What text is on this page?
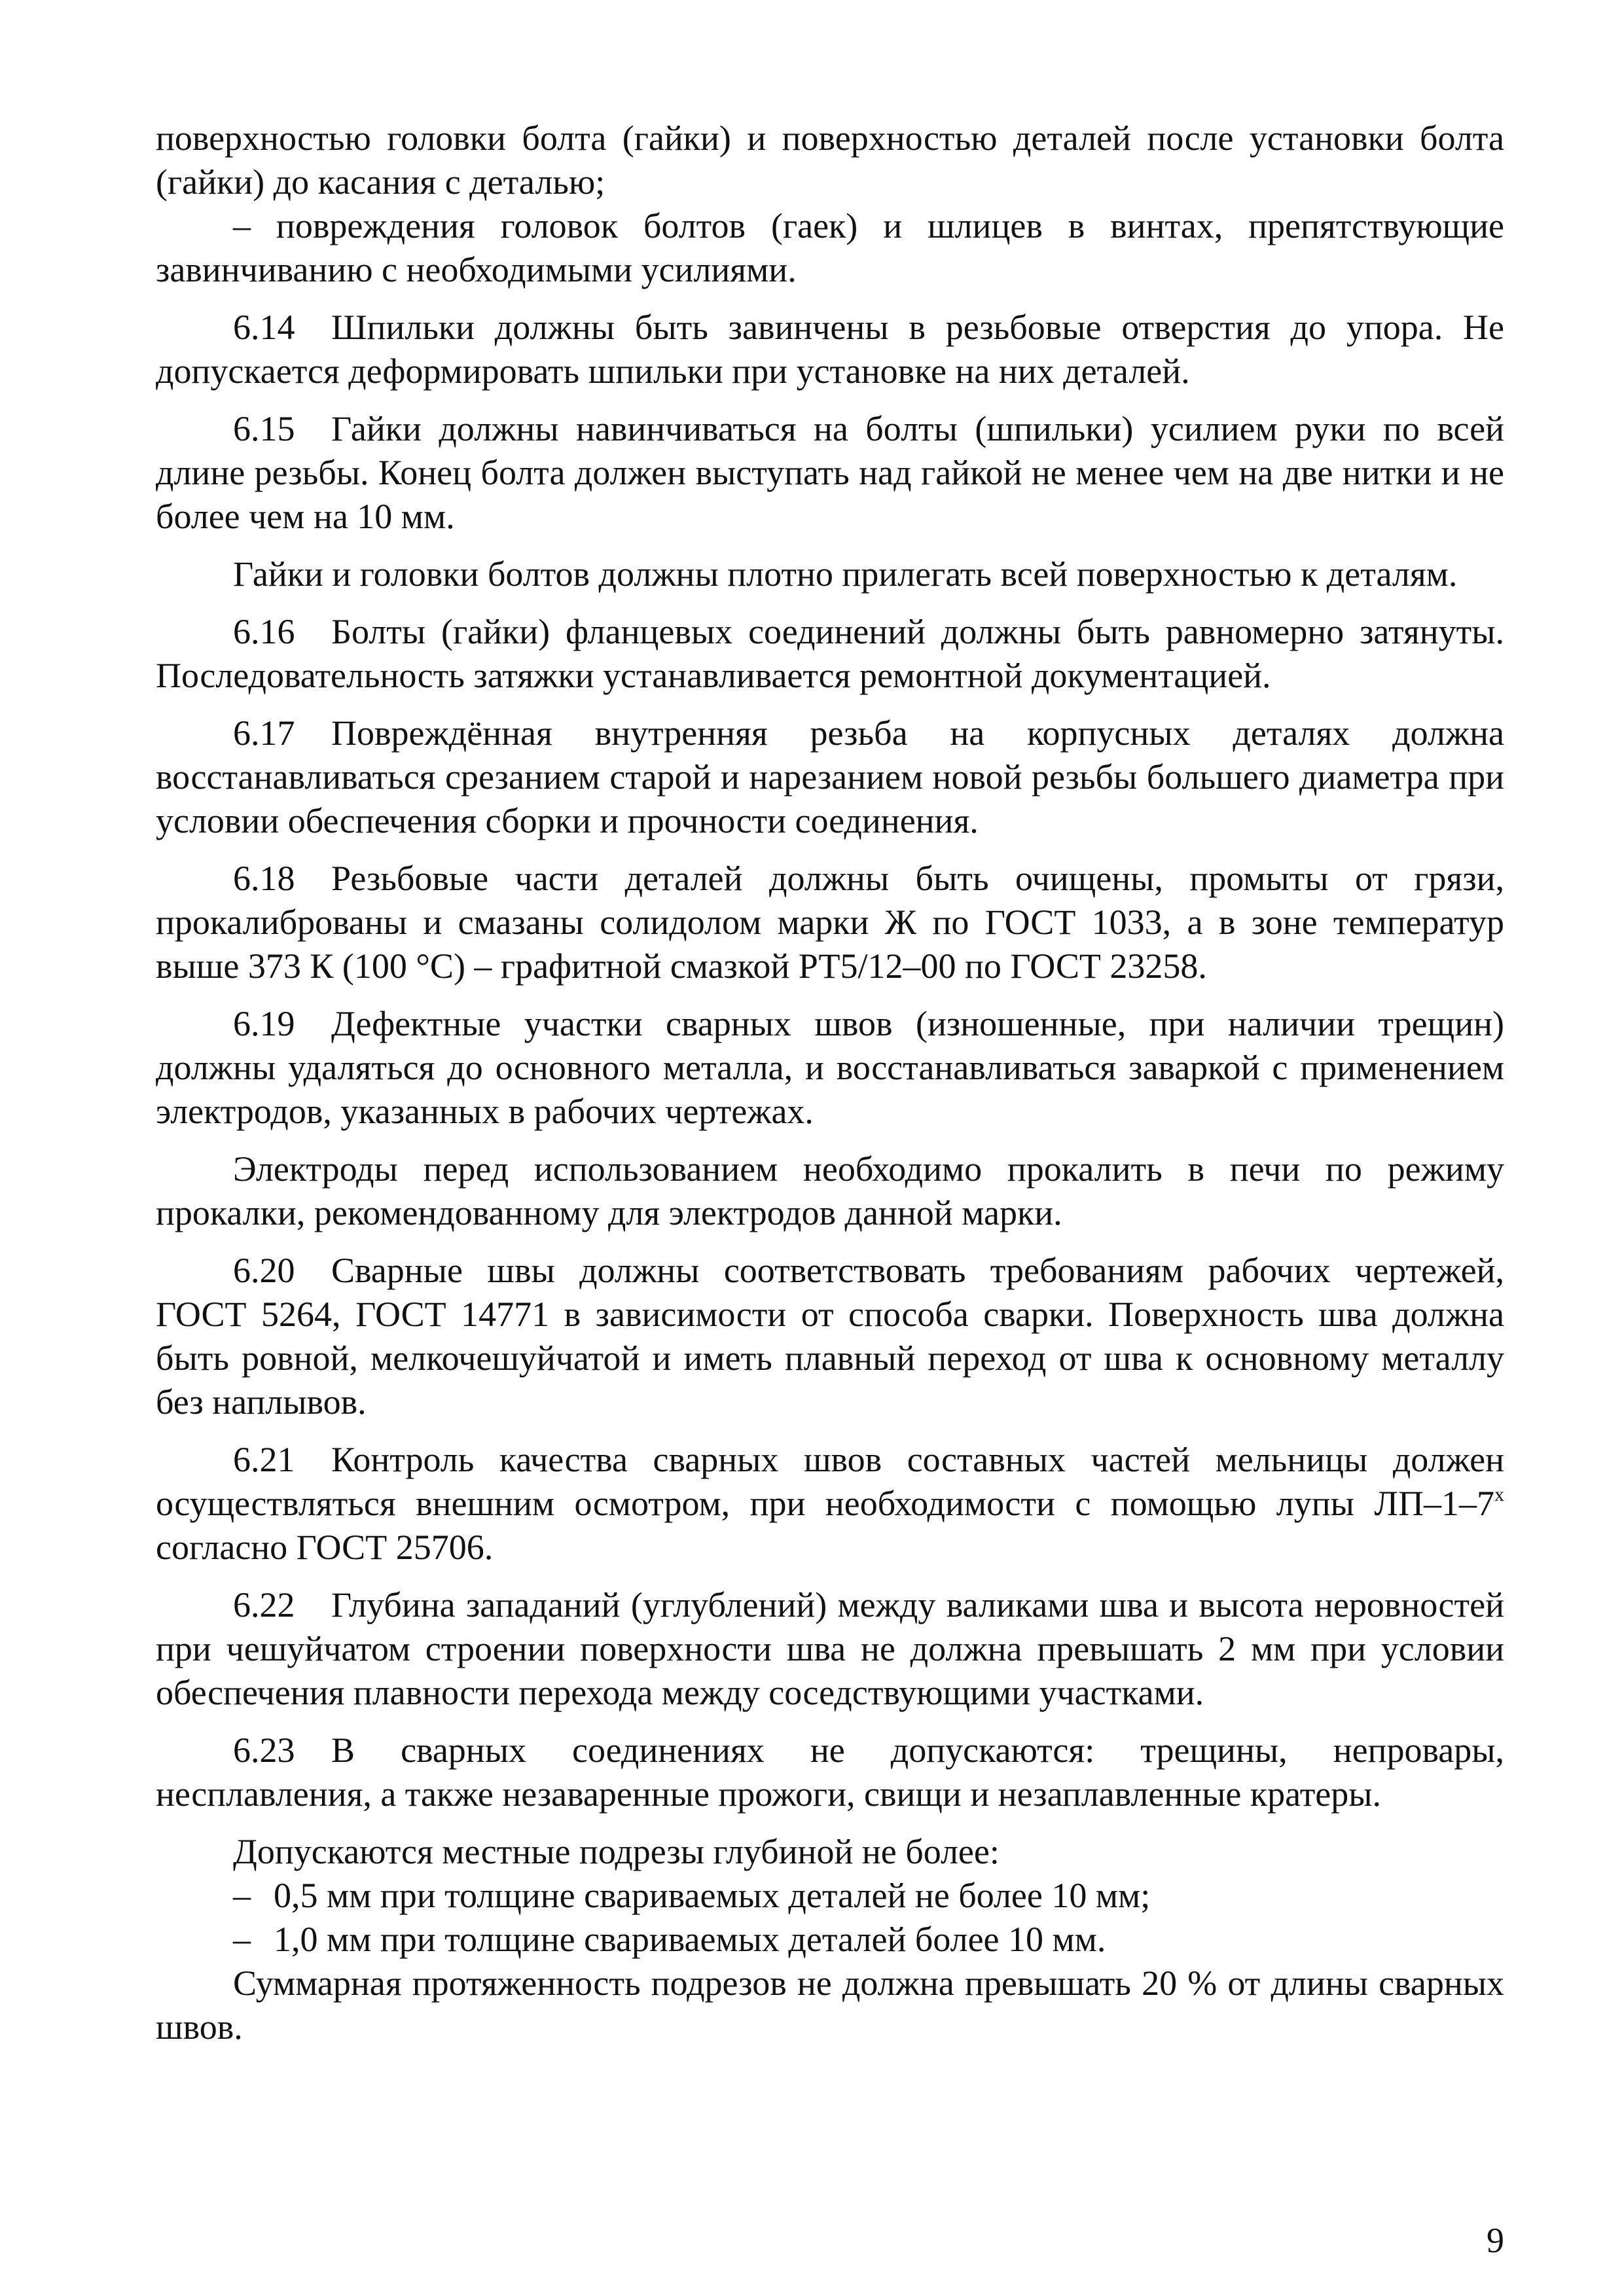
поверхностью головки болта (гайки) и поверхностью деталей после установки болта (гайки) до касания с деталью;

– повреждения головок болтов (гаек) и шлицев в винтах, препятствующие завинчиванию с необходимыми усилиями.

6.14 Шпильки должны быть завинчены в резьбовые отверстия до упора. Не допускается деформировать шпильки при установке на них деталей.

6.15 Гайки должны навинчиваться на болты (шпильки) усилием руки по всей длине резьбы. Конец болта должен выступать над гайкой не менее чем на две нитки и не более чем на 10 мм.

Гайки и головки болтов должны плотно прилегать всей поверхностью к деталям.

6.16 Болты (гайки) фланцевых соединений должны быть равномерно затянуты. Последовательность затяжки устанавливается ремонтной документацией.

6.17 Повреждённая внутренняя резьба на корпусных деталях должна восстанавливаться срезанием старой и нарезанием новой резьбы большего диаметра при условии обеспечения сборки и прочности соединения.

6.18 Резьбовые части деталей должны быть очищены, промыты от грязи, прокалиброваны и смазаны солидолом марки Ж по ГОСТ 1033, а в зоне температур выше 373 К (100 °С) – графитной смазкой РТ5/12–00 по ГОСТ 23258.

6.19 Дефектные участки сварных швов (изношенные, при наличии трещин) должны удаляться до основного металла, и восстанавливаться заваркой с применением электродов, указанных в рабочих чертежах.

Электроды перед использованием необходимо прокалить в печи по режиму прокалки, рекомендованному для электродов данной марки.

6.20 Сварные швы должны соответствовать требованиям рабочих чертежей, ГОСТ 5264, ГОСТ 14771 в зависимости от способа сварки. Поверхность шва должна быть ровной, мелкочешуйчатой и иметь плавный переход от шва к основному металлу без наплывов.

6.21 Контроль качества сварных швов составных частей мельницы должен осуществляться внешним осмотром, при необходимости с помощью лупы $ЛП-1-7^х$ согласно ГОСТ 25706.

6.22 Глубина западаний (углублений) между валиками шва и высота неровностей при чешуйчатом строении поверхности шва не должна превышать 2 мм при условии обеспечения плавности перехода между соседствующими участками.

6.23 В сварных соединениях не допускаются: трещины, непровары, несплавления, а также незаваренные прожоги, свищи и незаплавленные кратеры.

Допускаются местные подрезы глубиной не более:

– 0,5 мм при толщине свариваемых деталей не более 10 мм;
– 1,0 мм при толщине свариваемых деталей более 10 мм.

Суммарная протяженность подрезов не должна превышать 20 % от длины сварных швов.

9
